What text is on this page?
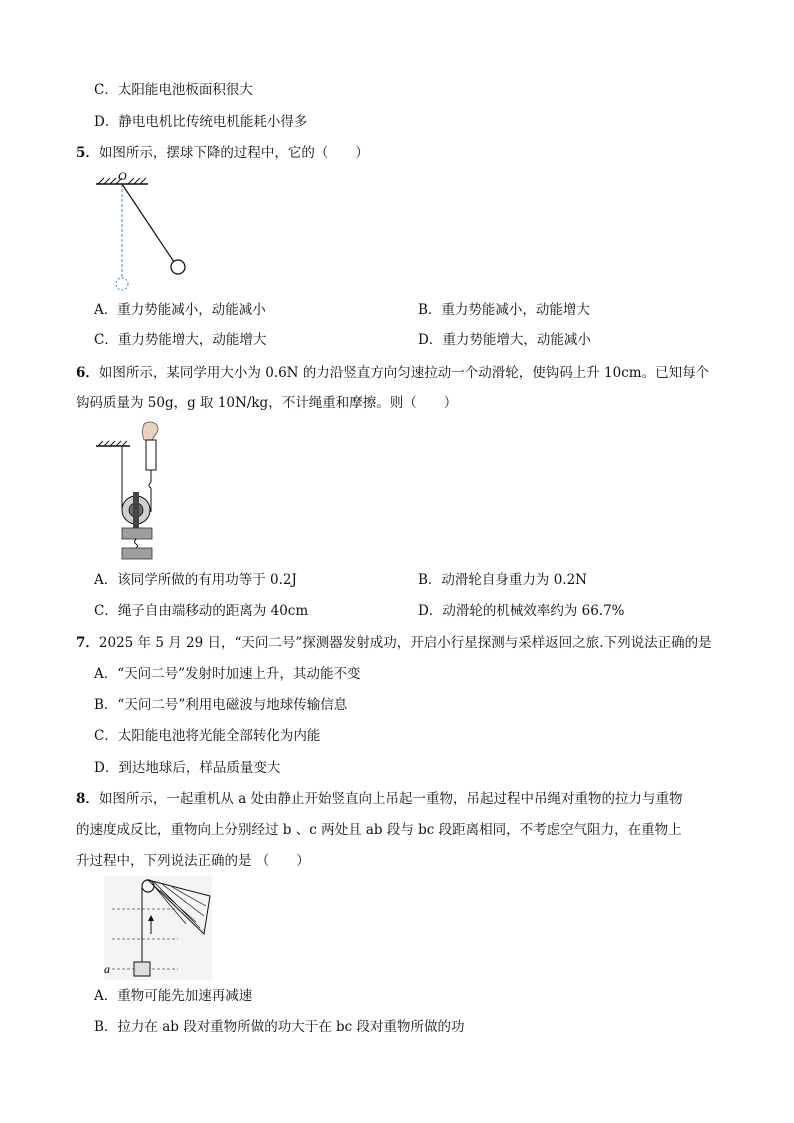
C．太阳能电池板面积很大
D．静电电机比传统电机能耗小得多
5．如图所示，摆球下降的过程中，它的（　　）
O
A．重力势能减小，动能减小	B．重力势能减小，动能增大
C．重力势能增大，动能增大	D．重力势能增大，动能减小
6．如图所示，某同学用大小为 0.6N 的力沿竖直方向匀速拉动一个动滑轮，使钩码上升 10cm。已知每个
钩码质量为 50g，g 取 10N/kg，不计绳重和摩擦。则（　　）
A．该同学所做的有用功等于 0.2J	B．动滑轮自身重力为 0.2N
C．绳子自由端移动的距离为 40cm	D．动滑轮的机械效率约为 66.7%
7．2025 年 5 月 29 日，“天问二号”探测器发射成功，开启小行星探测与采样返回之旅.下列说法正确的是
A．“天问二号”发射时加速上升，其动能不变
B．“天问二号”利用电磁波与地球传输信息
C．太阳能电池将光能全部转化为内能
D．到达地球后，样品质量变大
8．如图所示，一起重机从 a 处由静止开始竖直向上吊起一重物，吊起过程中吊绳对重物的拉力与重物
的速度成反比，重物向上分别经过 b 、c 两处且 ab 段与 bc 段距离相同，不考虑空气阻力，在重物上
升过程中，下列说法正确的是 （　　）
a
A．重物可能先加速再减速
B．拉力在 ab 段对重物所做的功大于在 bc 段对重物所做的功
